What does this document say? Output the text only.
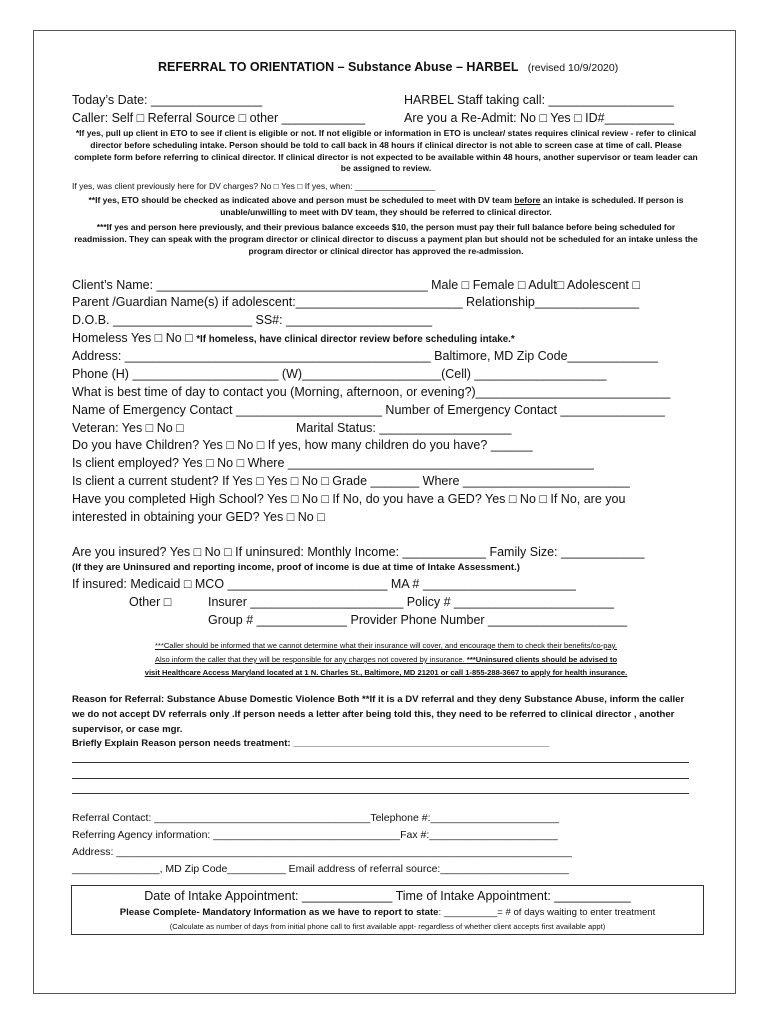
REFERRAL TO ORIENTATION – Substance Abuse – HARBEL (revised 10/9/2020)
Today’s Date: ________________	HARBEL Staff taking call: __________________
Caller: Self □ Referral Source □ other ____________	Are you a Re-Admit: No □ Yes □ ID#__________
*If yes, pull up client in ETO to see if client is eligible or not. If not eligible or information in ETO is unclear/ states requires clinical review - refer to clinical director before scheduling intake. Person should be told to call back in 48 hours if clinical director is not able to screen case at time of call. Please complete form before referring to clinical director. If clinical director is not expected to be available within 48 hours, another supervisor or team leader can be assigned to review.
If yes, was client previously here for DV charges? No □ Yes □ If yes, when: _________________
**If yes, ETO should be checked as indicated above and person must be scheduled to meet with DV team before an intake is scheduled. If person is unable/unwilling to meet with DV team, they should be referred to clinical director.
***If yes and person here previously, and their previous balance exceeds $10, the person must pay their full balance before being scheduled for readmission. They can speak with the program director or clinical director to discuss a payment plan but should not be scheduled for an intake unless the program director or clinical director has approved the re-admission.
Client’s Name: _______________________________________ Male □ Female □ Adult□ Adolescent □
Parent /Guardian Name(s) if adolescent:________________________ Relationship_______________
D.O.B. ____________________ SS#: _____________________
Homeless Yes □ No □ *If homeless, have clinical director review before scheduling intake.*
Address: ____________________________________________ Baltimore, MD Zip Code_____________
Phone (H) _____________________ (W)____________________(Cell) ___________________
What is best time of day to contact you (Morning, afternoon, or evening?)____________________________
Name of Emergency Contact _____________________ Number of Emergency Contact _______________
Veteran: Yes □ No □	Marital Status: ___________________
Do you have Children? Yes □ No □ If yes, how many children do you have? ______
Is client employed? Yes □ No □ Where ____________________________________________
Is client a current student? If Yes □ Yes □ No □ Grade _______ Where ________________________
Have you completed High School? Yes □ No □ If No, do you have a GED? Yes □ No □ If No, are you
interested in obtaining your GED? Yes □ No □
Are you insured? Yes □ No □ If uninsured: Monthly Income: ____________ Family Size: ____________
(If they are Uninsured and reporting income, proof of income is due at time of Intake Assessment.)
If insured: Medicaid □ MCO _______________________ MA # ______________________
Other □	Insurer ______________________ Policy # _______________________
Group # _____________ Provider Phone Number ____________________
***Caller should be informed that we cannot determine what their insurance will cover, and encourage them to check their benefits/co-pay.
Also inform the caller that they will be responsible for any charges not covered by insurance. ***Uninsured clients should be advised to
visit Healthcare Access Maryland located at 1 N. Charles St., Baltimore, MD 21201 or call 1-855-288-3667 to apply for health insurance.
Reason for Referral: Substance Abuse Domestic Violence Both **If it is a DV referral and they deny Substance Abuse, inform the caller we do not accept DV referrals only .If person needs a letter after being told this, they need to be referred to clinical director , another supervisor, or case mgr.
Briefly Explain Reason person needs treatment: ________________________________________________
Referral Contact: _____________________________________Telephone #:______________________
Referring Agency information: ________________________________Fax #:______________________
Address: ______________________________________________________________________________
_______________, MD Zip Code__________ Email address of referral source:______________________
Date of Intake Appointment: _____________ Time of Intake Appointment: ___________
Please Complete- Mandatory Information as we have to report to state: __________= # of days waiting to enter treatment
(Calculate as number of days from initial phone call to first available appt- regardless of whether client accepts first available appt)
